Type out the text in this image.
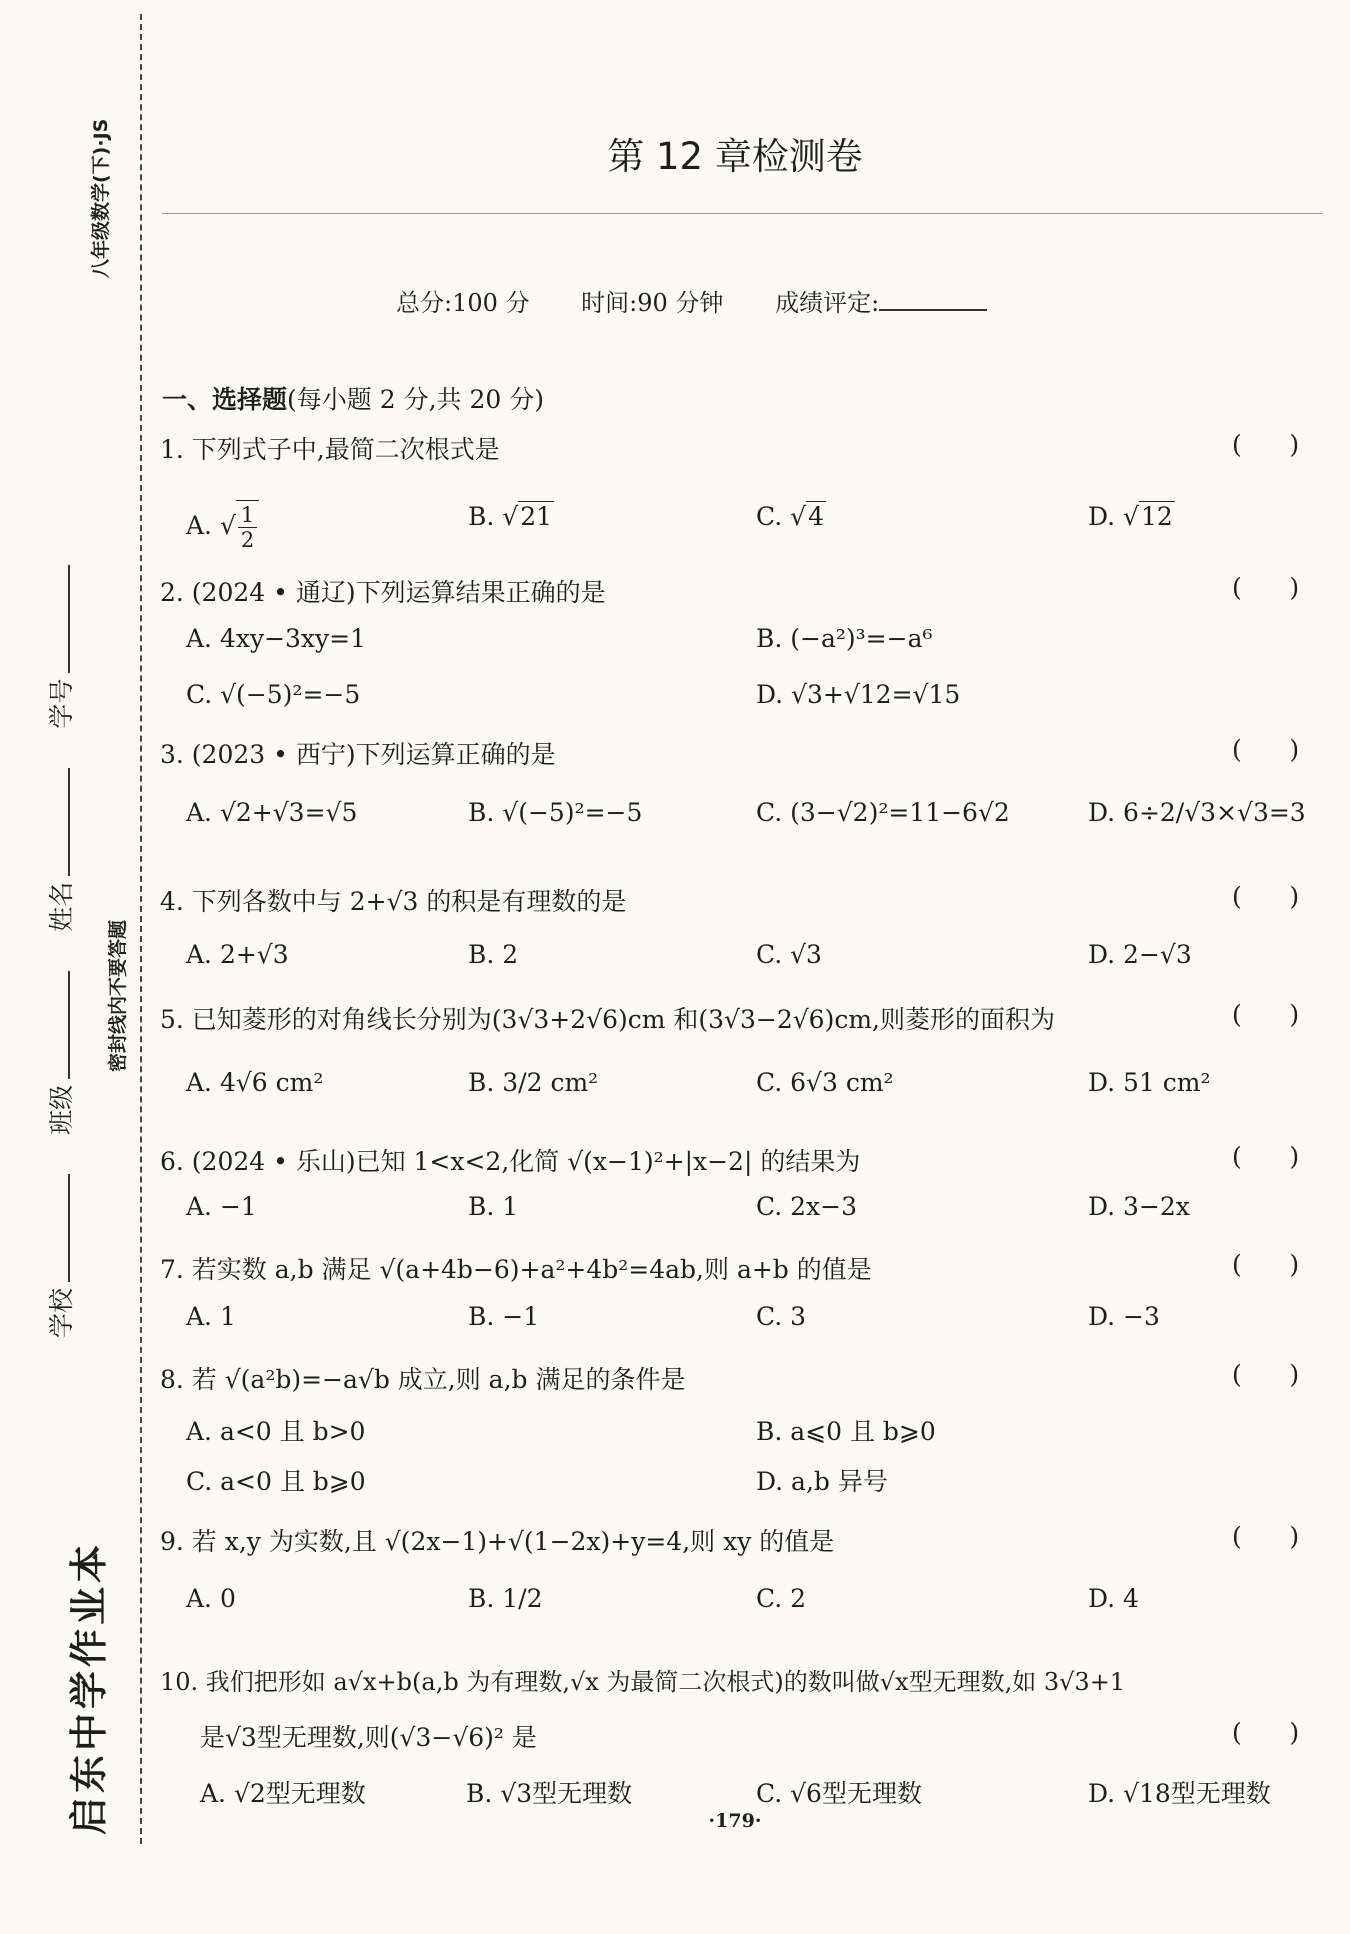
八年级数学(下)·JS
密封线内不要答题
学校 班级 姓名 学号
启东中学作业本
第 12 章检测卷
总分:100 分 时间:90 分钟 成绩评定:
一、选择题(每小题 2 分,共 20 分)
1. 下列式子中,最简二次根式是	(      )
A. √ $\frac{1}{2}$	B. √21	C. √4	D. √12
2. (2024 • 通辽)下列运算结果正确的是	(      )
A. 4xy−3xy=1	B. (−a²)³=−a⁶
C. √(−5)²=−5	D. √3+√12=√15
3. (2023 • 西宁)下列运算正确的是	(      )
A. √2+√3=√5	B. √(−5)²=−5	C. (3−√2)²=11−6√2	D. 6÷2/√3×√3=3
4. 下列各数中与 2+√3 的积是有理数的是	(      )
A. 2+√3	B. 2	C. √3	D. 2−√3
5. 已知菱形的对角线长分别为(3√3+2√6)cm 和(3√3−2√6)cm,则菱形的面积为	(      )
A. 4√6 cm²	B. 3/2 cm²	C. 6√3 cm²	D. 51 cm²
6. (2024 • 乐山)已知 1<x<2,化简 √(x−1)²+|x−2| 的结果为	(      )
A. −1	B. 1	C. 2x−3	D. 3−2x
7. 若实数 a,b 满足 √(a+4b−6)+a²+4b²=4ab,则 a+b 的值是	(      )
A. 1	B. −1	C. 3	D. −3
8. 若 √(a²b)=−a√b 成立,则 a,b 满足的条件是	(      )
A. a<0 且 b>0	B. a⩽0 且 b⩾0
C. a<0 且 b⩾0	D. a,b 异号
9. 若 x,y 为实数,且 √(2x−1)+√(1−2x)+y=4,则 xy 的值是	(      )
A. 0	B. 1/2	C. 2	D. 4
10. 我们把形如 a√x+b(a,b 为有理数,√x 为最简二次根式)的数叫做√x型无理数,如 3√3+1
是√3型无理数,则(√3−√6)² 是	(      )
A. √2型无理数	B. √3型无理数	C. √6型无理数	D. √18型无理数
·179·
